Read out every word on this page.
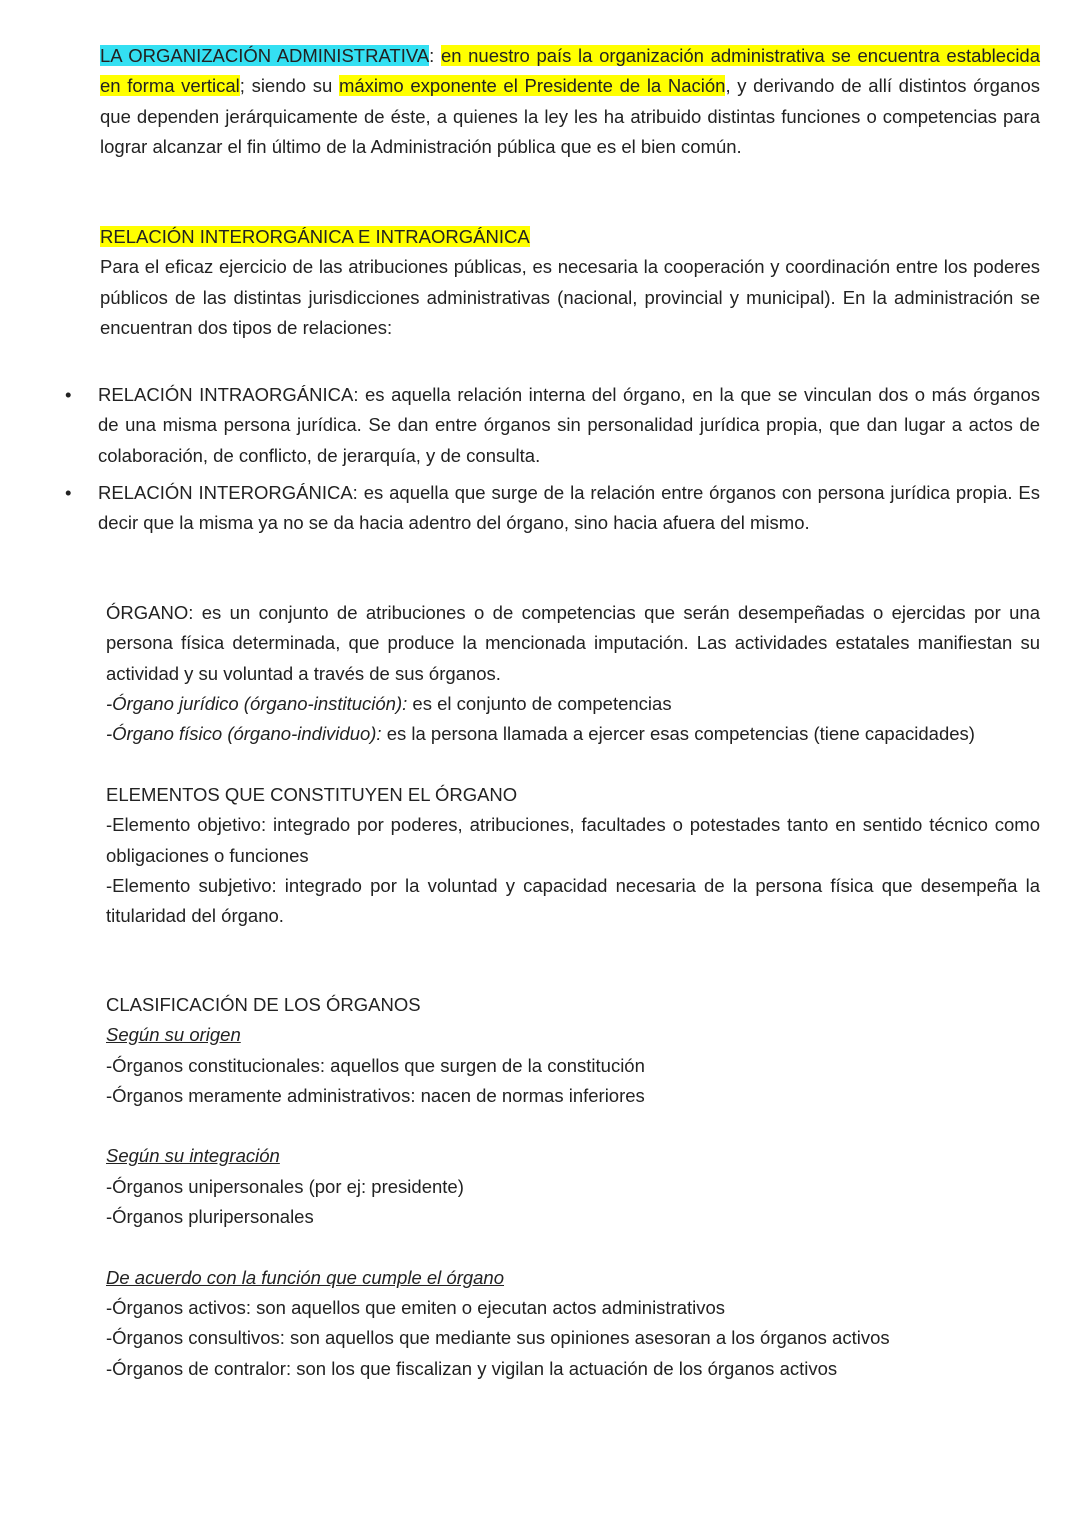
LA ORGANIZACIÓN ADMINISTRATIVA: en nuestro país la organización administrativa se encuentra establecida en forma vertical; siendo su máximo exponente el Presidente de la Nación, y derivando de allí distintos órganos que dependen jerárquicamente de éste, a quienes la ley les ha atribuido distintas funciones o competencias para lograr alcanzar el fin último de la Administración pública que es el bien común.

RELACIÓN INTERORGÁNICA E INTRAORGÁNICA

Para el eficaz ejercicio de las atribuciones públicas, es necesaria la cooperación y coordinación entre los poderes públicos de las distintas jurisdicciones administrativas (nacional, provincial y municipal). En la administración se encuentran dos tipos de relaciones:

• RELACIÓN INTRAORGÁNICA: es aquella relación interna del órgano, en la que se vinculan dos o más órganos de una misma persona jurídica. Se dan entre órganos sin personalidad jurídica propia, que dan lugar a actos de colaboración, de conflicto, de jerarquía, y de consulta.
• RELACIÓN INTERORGÁNICA: es aquella que surge de la relación entre órganos con persona jurídica propia. Es decir que la misma ya no se da hacia adentro del órgano, sino hacia afuera del mismo.

ÓRGANO: es un conjunto de atribuciones o de competencias que serán desempeñadas o ejercidas por una persona física determinada, que produce la mencionada imputación. Las actividades estatales manifiestan su actividad y su voluntad a través de sus órganos.

-Órgano jurídico (órgano-institución): es el conjunto de competencias

-Órgano físico (órgano-individuo): es la persona llamada a ejercer esas competencias (tiene capacidades)

ELEMENTOS QUE CONSTITUYEN EL ÓRGANO

-Elemento objetivo: integrado por poderes, atribuciones, facultades o potestades tanto en sentido técnico como obligaciones o funciones

-Elemento subjetivo: integrado por la voluntad y capacidad necesaria de la persona física que desempeña la titularidad del órgano.

CLASIFICACIÓN DE LOS ÓRGANOS

Según su origen

-Órganos constitucionales: aquellos que surgen de la constitución

-Órganos meramente administrativos: nacen de normas inferiores

Según su integración

-Órganos unipersonales (por ej: presidente)

-Órganos pluripersonales

De acuerdo con la función que cumple el órgano

-Órganos activos: son aquellos que emiten o ejecutan actos administrativos

-Órganos consultivos: son aquellos que mediante sus opiniones asesoran a los órganos activos

-Órganos de contralor: son los que fiscalizan y vigilan la actuación de los órganos activos
